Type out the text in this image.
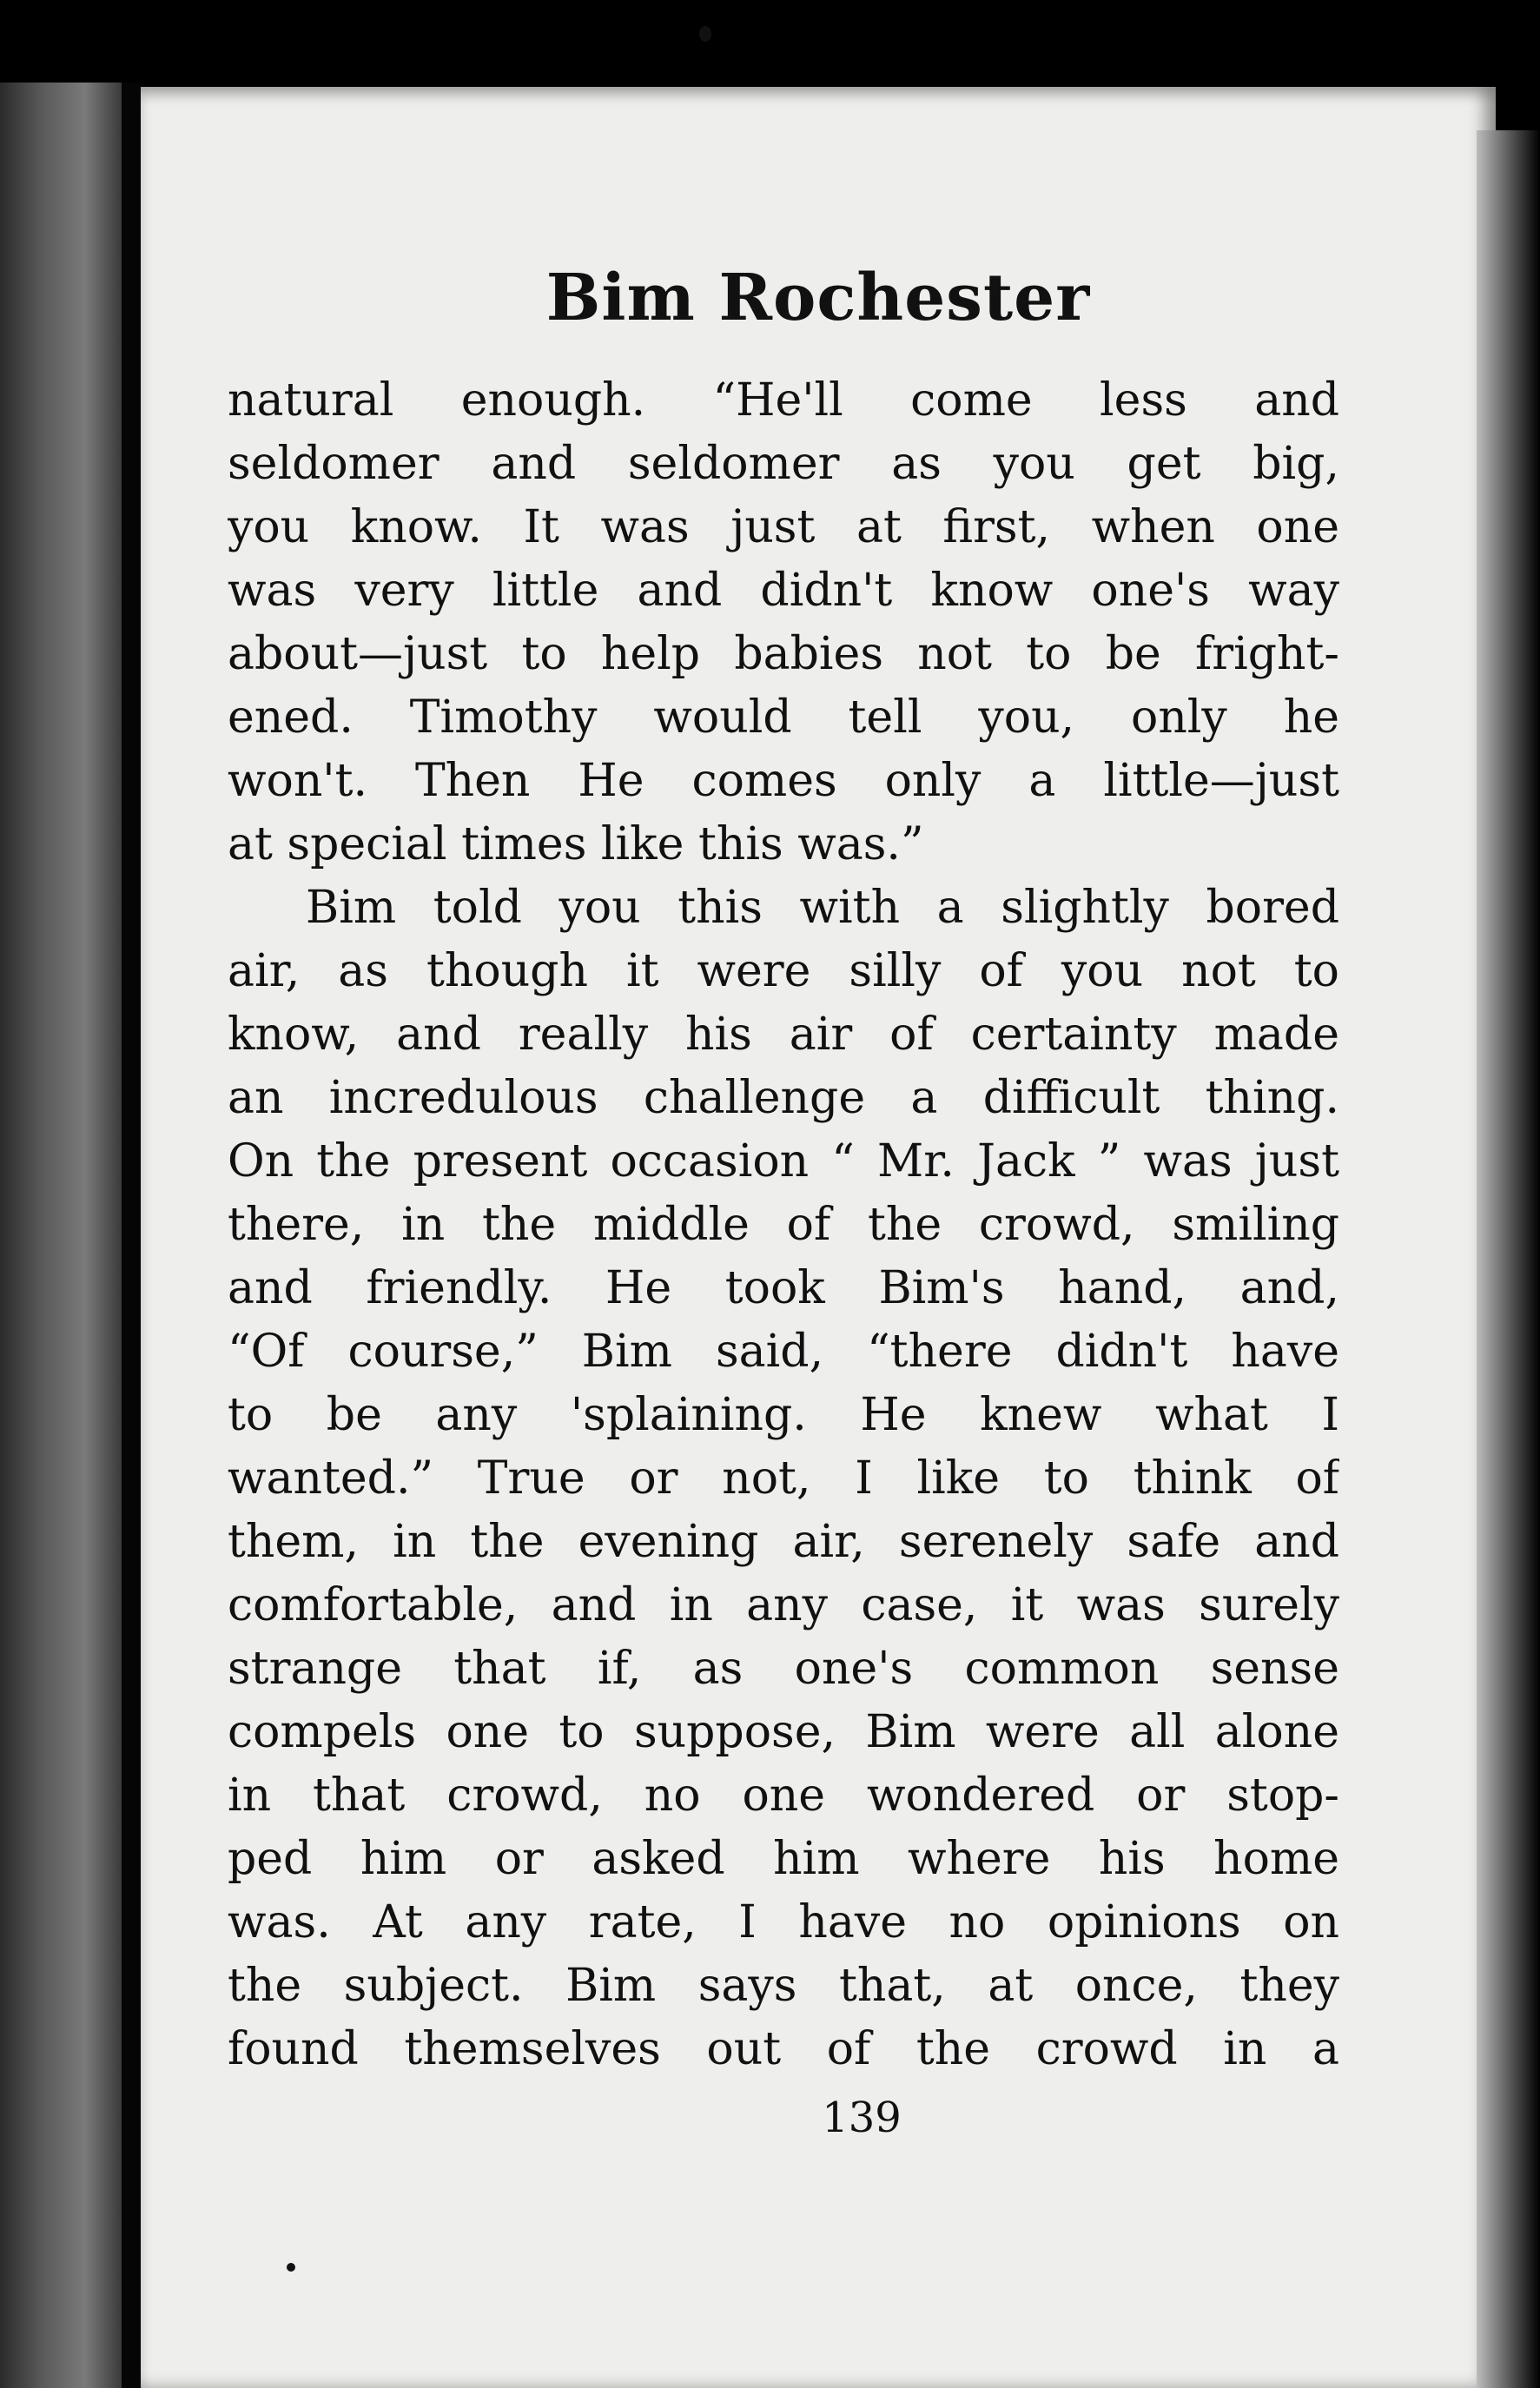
Bim Rochester
natural enough. “He'll come less and
seldomer and seldomer as you get big,
you know. It was just at first, when one
was very little and didn't know one's way
about—just to help babies not to be fright-
ened. Timothy would tell you, only he
won't. Then He comes only a little—just
at special times like this was.”
Bim told you this with a slightly bored
air, as though it were silly of you not to
know, and really his air of certainty made
an incredulous challenge a difficult thing.
On the present occasion “ Mr. Jack ” was just
there, in the middle of the crowd, smiling
and friendly. He took Bim's hand, and,
“Of course,” Bim said, “there didn't have
to be any 'splaining. He knew what I
wanted.” True or not, I like to think of
them, in the evening air, serenely safe and
comfortable, and in any case, it was surely
strange that if, as one's common sense
compels one to suppose, Bim were all alone
in that crowd, no one wondered or stop-
ped him or asked him where his home
was. At any rate, I have no opinions on
the subject. Bim says that, at once, they
found themselves out of the crowd in a
139
